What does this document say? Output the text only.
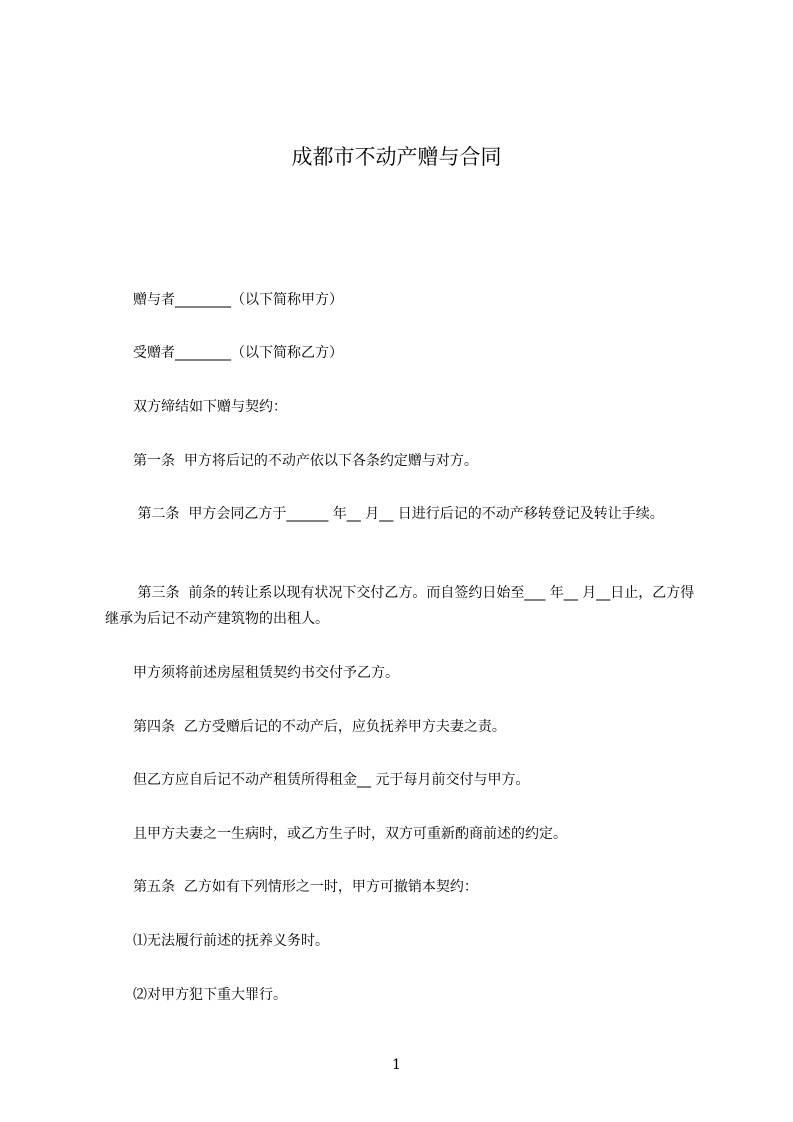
成都市不动产赠与合同
　　赠与者________（以下简称甲方）
　　受赠者________（以下简称乙方）
　　双方缔结如下赠与契约：
　　第一条  甲方将后记的不动产依以下各条约定赠与对方。
　　 第二条  甲方会同乙方于______ 年__ 月__ 日进行后记的不动产移转登记及转让手续。
　　 第三条  前条的转让系以现有状况下交付乙方。而自签约日始至___ 年__ 月__日止，乙方得继承为后记不动产建筑物的出租人。
　　甲方须将前述房屋租赁契约书交付予乙方。
　　第四条  乙方受赠后记的不动产后，应负抚养甲方夫妻之责。
　　但乙方应自后记不动产租赁所得租金__ 元于每月前交付与甲方。
　　且甲方夫妻之一生病时，或乙方生子时，双方可重新酌商前述的约定。
　　第五条  乙方如有下列情形之一时，甲方可撤销本契约：
　　⑴无法履行前述的抚养义务时。
　　⑵对甲方犯下重大罪行。
1
